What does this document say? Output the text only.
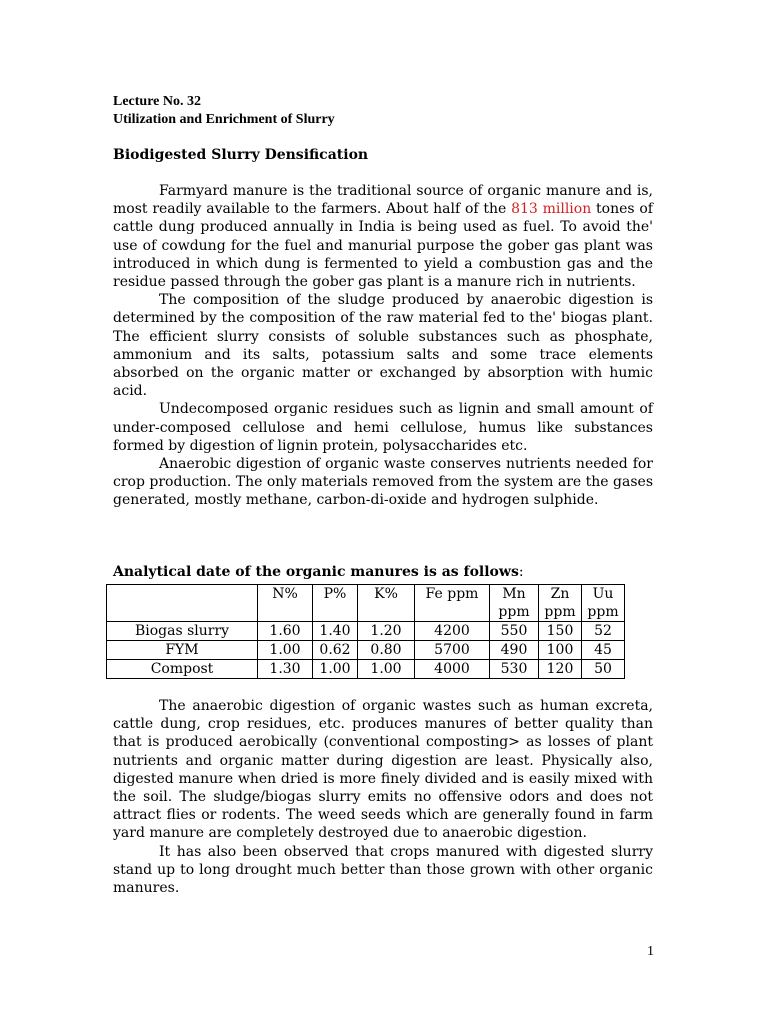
Lecture No. 32
Utilization and Enrichment of Slurry
Biodigested Slurry Densification

Farmyard manure is the traditional source of organic manure and is, most readily available to the farmers. About half of the 813 million tones of cattle dung produced annually in India is being used as fuel. To avoid the' use of cowdung for the fuel and manurial purpose the gober gas plant was introduced in which dung is fermented to yield a combustion gas and the residue passed through the gober gas plant is a manure rich in nutrients.

The composition of the sludge produced by anaerobic digestion is determined by the composition of the raw material fed to the' biogas plant. The efficient slurry consists of soluble substances such as phosphate, ammonium and its salts, potassium salts and some trace elements absorbed on the organic matter or exchanged by absorption with humic acid.

Undecomposed organic residues such as lignin and small amount of under-composed cellulose and hemi cellulose, humus like substances formed by digestion of lignin protein, polysaccharides etc.

Anaerobic digestion of organic waste conserves nutrients needed for crop production. The only materials removed from the system are the gases generated, mostly methane, carbon-di-oxide and hydrogen sulphide.

Analytical date of the organic manures is as follows:
	N%	P%	K%	Fe ppm	Mn ppm	Zn ppm	Uu ppm
Biogas slurry	1.60	1.40	1.20	4200	550	150	52
FYM	1.00	0.62	0.80	5700	490	100	45
Compost	1.30	1.00	1.00	4000	530	120	50

The anaerobic digestion of organic wastes such as human excreta, cattle dung, crop residues, etc. produces manures of better quality than that is produced aerobically (conventional composting> as losses of plant nutrients and organic matter during digestion are least. Physically also, digested manure when dried is more finely divided and is easily mixed with the soil. The sludge/biogas slurry emits no offensive odors and does not attract flies or rodents. The weed seeds which are generally found in farm yard manure are completely destroyed due to anaerobic digestion.

It has also been observed that crops manured with digested slurry stand up to long drought much better than those grown with other organic manures.

1
